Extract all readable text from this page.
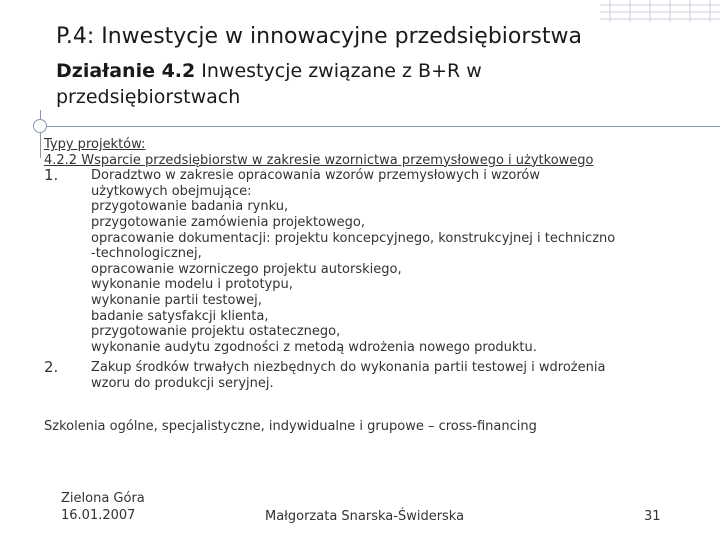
P.4: Inwestycje w innowacyjne przedsiębiorstwa
Działanie 4.2 Inwestycje związane z B+R w przedsiębiorstwach
Typy projektów:
4.2.2 Wsparcie przedsiębiorstw w zakresie wzornictwa przemysłowego i użytkowego
1.	Doradztwo w zakresie opracowania wzorów przemysłowych i wzorów
użytkowych obejmujące:
przygotowanie badania rynku,
przygotowanie zamówienia projektowego,
opracowanie dokumentacji: projektu koncepcyjnego, konstrukcyjnej i techniczno
-technologicznej,
opracowanie wzorniczego projektu autorskiego,
wykonanie modelu i prototypu,
wykonanie partii testowej,
badanie satysfakcji klienta,
przygotowanie projektu ostatecznego,
wykonanie audytu zgodności z metodą wdrożenia nowego produktu.
2.	Zakup środków trwałych niezbędnych do wykonania partii testowej i wdrożenia
wzoru do produkcji seryjnej.
Szkolenia ogólne, specjalistyczne, indywidualne i grupowe – cross-financing
Zielona Góra
16.01.2007	Małgorzata Snarska-Świderska	31
